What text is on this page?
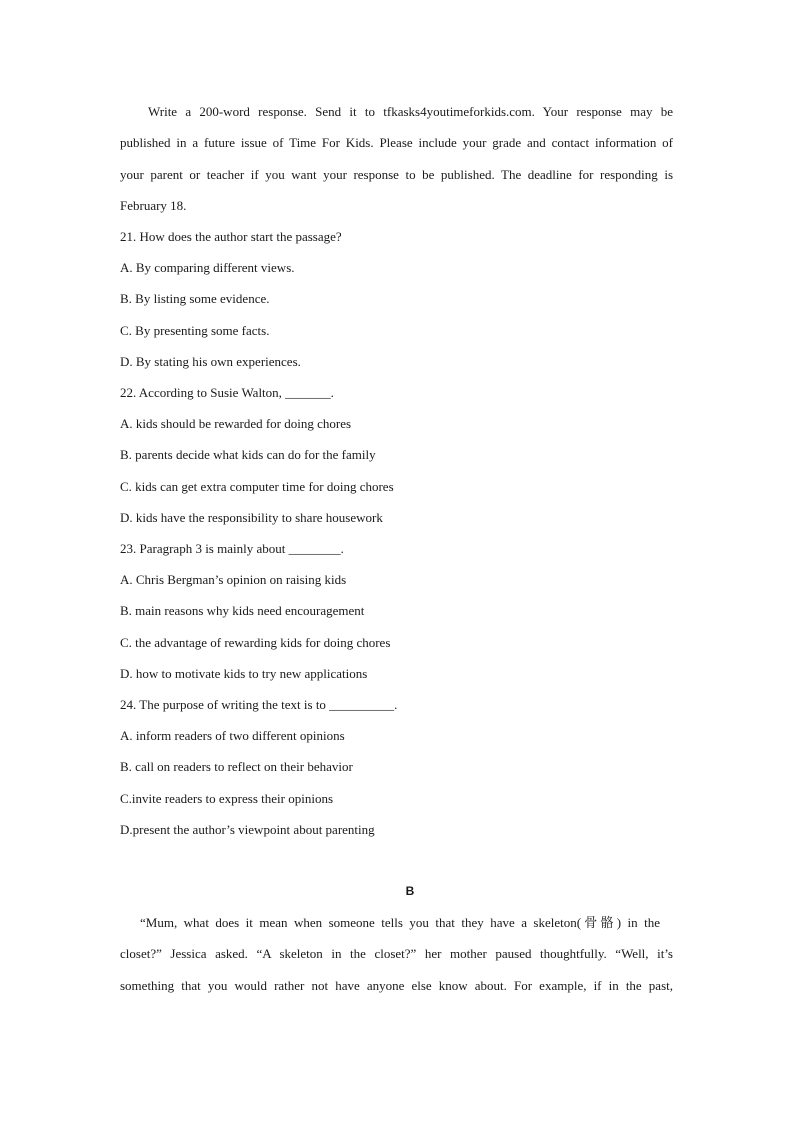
Write a 200-word response. Send it to tfkasks4youtimeforkids.com. Your response may be
published in a future issue of Time For Kids. Please include your grade and contact information of
your parent or teacher if you want your response to be published. The deadline for responding is
February 18.
21. How does the author start the passage?
A. By comparing different views.
B. By listing some evidence.
C. By presenting some facts.
D. By stating his own experiences.
22. According to Susie Walton, _______.
A. kids should be rewarded for doing chores
B. parents decide what kids can do for the family
C. kids can get extra computer time for doing chores
D. kids have the responsibility to share housework
23. Paragraph 3 is mainly about ________.
A. Chris Bergman’s opinion on raising kids
B. main reasons why kids need encouragement
C. the advantage of rewarding kids for doing chores
D. how to motivate kids to try new applications
24. The purpose of writing the text is to __________.
A. inform readers of two different opinions
B. call on readers to reflect on their behavior
C.invite readers to express their opinions
D.present the author’s viewpoint about parenting
B
“Mum, what does it mean when someone tells you that they have a skeleton(骨骼) in the
closet?” Jessica asked. “A skeleton in the closet?” her mother paused thoughtfully. “Well, it’s
something that you would rather not have anyone else know about. For example, if in the past,
